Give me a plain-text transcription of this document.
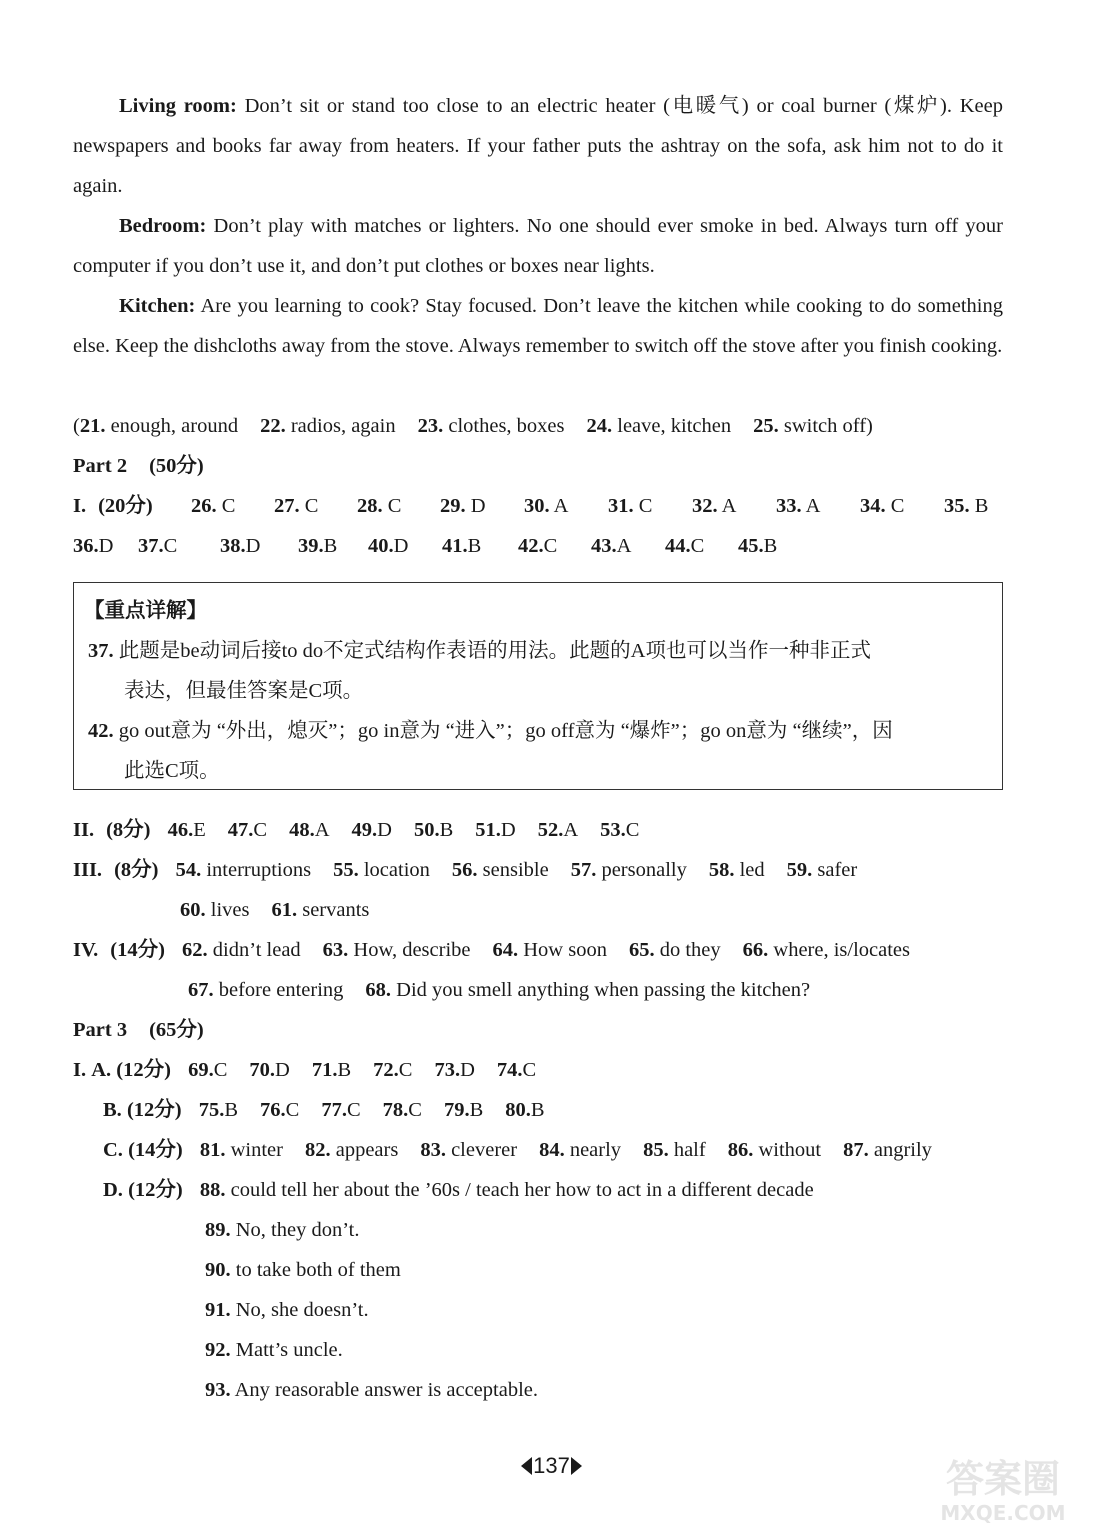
Living room: Don’t sit or stand too close to an electric heater (电暖气) or coal burner (煤炉). Keep newspapers and books far away from heaters. If your father puts the ashtray on the sofa, ask him not to do it again.

Bedroom: Don’t play with matches or lighters. No one should ever smoke in bed. Always turn off your computer if you don’t use it, and don’t put clothes or boxes near lights.

Kitchen: Are you learning to cook? Stay focused. Don’t leave the kitchen while cooking to do something else. Keep the dishcloths away from the stove. Always remember to switch off the stove after you finish cooking.

(21. enough, around 22. radios, again 23. clothes, boxes 24. leave, kitchen 25. switch off)
Part 2 (50分)
I. (20分) 26. C 27. C 28. C 29. D 30. A 31. C 32. A 33. A 34. C 35. B
36.D 37.C 38.D 39.B 40.D 41.B 42.C 43.A 44.C 45.B
【重点详解】
37. 此题是be动词后接to do不定式结构作表语的用法。此题的A项也可以当作一种非正式
表达，但最佳答案是C项。
42. go out意为 “外出，熄灭”；go in意为 “进入”；go off意为 “爆炸”；go on意为 “继续”，因
此选C项。
II. (8分) 46.E 47.C 48.A 49.D 50.B 51.D 52.A 53.C
III. (8分) 54. interruptions 55. location 56. sensible 57. personally 58. led 59. safer
60. lives 61. servants
IV. (14分) 62. didn’t lead 63. How, describe 64. How soon 65. do they 66. where, is/locates
67. before entering 68. Did you smell anything when passing the kitchen?
Part 3 (65分)
I. A. (12分) 69.C 70.D 71.B 72.C 73.D 74.C
B. (12分) 75.B 76.C 77.C 78.C 79.B 80.B
C. (14分) 81. winter 82. appears 83. cleverer 84. nearly 85. half 86. without 87. angrily
D. (12分) 88. could tell her about the ’60s / teach her how to act in a different decade
89. No, they don’t.
90. to take both of them
91. No, she doesn’t.
92. Matt’s uncle.
93. Any reasorable answer is acceptable.
137	答案圈
MXQE.COM
